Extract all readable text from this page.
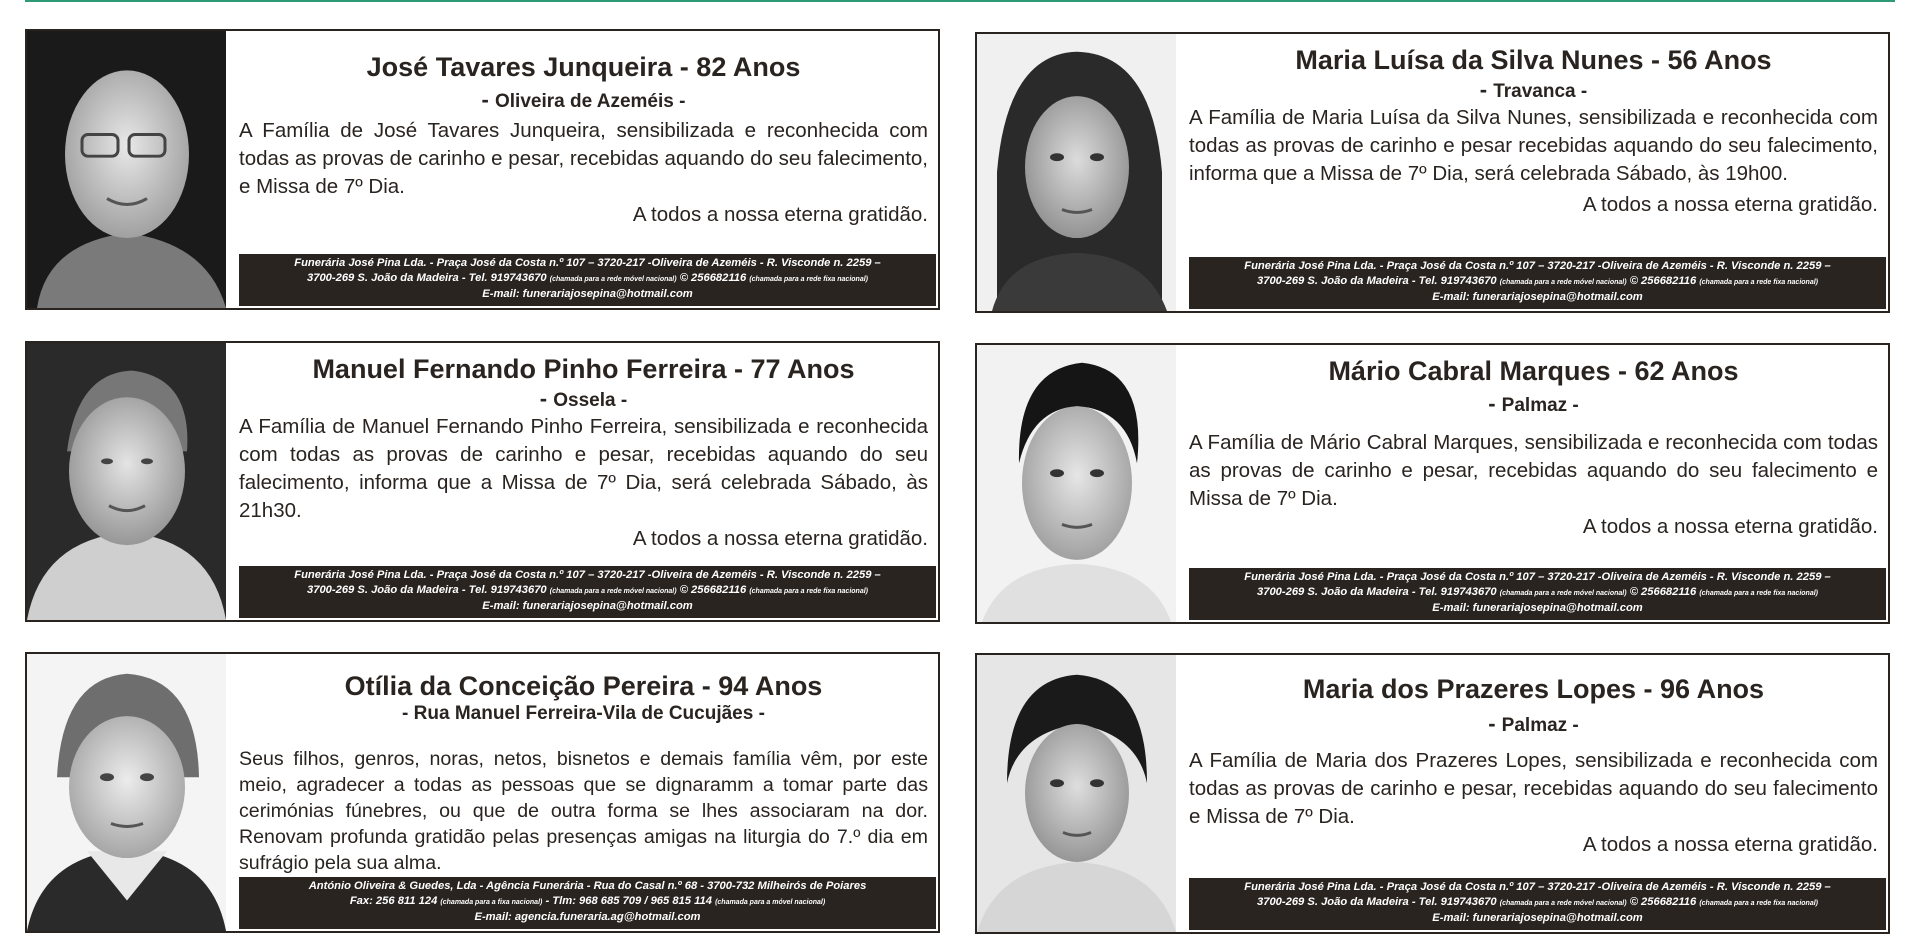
José Tavares Junqueira - 82 Anos
- Oliveira de Azeméis -
A Família de José Tavares Junqueira, sensibilizada e reconhecida com todas as provas de carinho e pesar, recebidas aquando do seu falecimento, e Missa de 7º Dia.
A todos a nossa eterna gratidão.
Funerária José Pina Lda. - Praça José da Costa n.º 107 – 3720-217 -Oliveira de Azeméis - R. Visconde n. 2259 –
3700-269 S. João da Madeira - Tel. 919743670 (chamada para a rede móvel nacional) © 256682116 (chamada para a rede fixa nacional)
E-mail: funerariajosepina@hotmail.com
Maria Luísa da Silva Nunes - 56 Anos
- Travanca -
A Família de Maria Luísa da Silva Nunes, sensibilizada e reconhecida com todas as provas de carinho e pesar recebidas aquando do seu falecimento, informa que a Missa de 7º Dia, será celebrada Sábado, às 19h00.
A todos a nossa eterna gratidão.
Funerária José Pina Lda. - Praça José da Costa n.º 107 – 3720-217 -Oliveira de Azeméis - R. Visconde n. 2259 –
3700-269 S. João da Madeira - Tel. 919743670 (chamada para a rede móvel nacional) © 256682116 (chamada para a rede fixa nacional)
E-mail: funerariajosepina@hotmail.com
Manuel Fernando Pinho Ferreira - 77 Anos
- Ossela -
A Família de Manuel Fernando Pinho Ferreira, sensibilizada e reconhecida com todas as provas de carinho e pesar, recebidas aquando do seu falecimento, informa que a Missa de 7º Dia, será celebrada Sábado, às 21h30.
A todos a nossa eterna gratidão.
Funerária José Pina Lda. - Praça José da Costa n.º 107 – 3720-217 -Oliveira de Azeméis - R. Visconde n. 2259 –
3700-269 S. João da Madeira - Tel. 919743670 (chamada para a rede móvel nacional) © 256682116 (chamada para a rede fixa nacional)
E-mail: funerariajosepina@hotmail.com
Mário Cabral Marques - 62 Anos
- Palmaz -
A Família de Mário Cabral Marques, sensibilizada e reconhecida com todas as provas de carinho e pesar, recebidas aquando do seu falecimento e Missa de 7º Dia.
A todos a nossa eterna gratidão.
Funerária José Pina Lda. - Praça José da Costa n.º 107 – 3720-217 -Oliveira de Azeméis - R. Visconde n. 2259 –
3700-269 S. João da Madeira - Tel. 919743670 (chamada para a rede móvel nacional) © 256682116 (chamada para a rede fixa nacional)
E-mail: funerariajosepina@hotmail.com
Otília da Conceição Pereira - 94 Anos
- Rua Manuel Ferreira-Vila de Cucujães -
Seus filhos, genros, noras, netos, bisnetos e demais família vêm, por este meio, agradecer a todas as pessoas que se dignaramm a tomar parte das cerimónias fúnebres, ou que de outra forma se lhes associaram na dor. Renovam profunda gratidão pelas presenças amigas na liturgia do 7.º dia em sufrágio pela sua alma.
António Oliveira & Guedes, Lda - Agência Funerária - Rua do Casal n.º 68 - 3700-732 Milheirós de Poiares
Fax: 256 811 124 (chamada para a fixa nacional) - Tlm: 968 685 709 / 965 815 114 (chamada para a móvel nacional)
E-mail: agencia.funeraria.ag@hotmail.com
Maria dos Prazeres Lopes - 96 Anos
- Palmaz -
A Família de Maria dos Prazeres Lopes, sensibilizada e reconhecida com todas as provas de carinho e pesar, recebidas aquando do seu falecimento e Missa de 7º Dia.
A todos a nossa eterna gratidão.
Funerária José Pina Lda. - Praça José da Costa n.º 107 – 3720-217 -Oliveira de Azeméis - R. Visconde n. 2259 –
3700-269 S. João da Madeira - Tel. 919743670 (chamada para a rede móvel nacional) © 256682116 (chamada para a rede fixa nacional)
E-mail: funerariajosepina@hotmail.com
